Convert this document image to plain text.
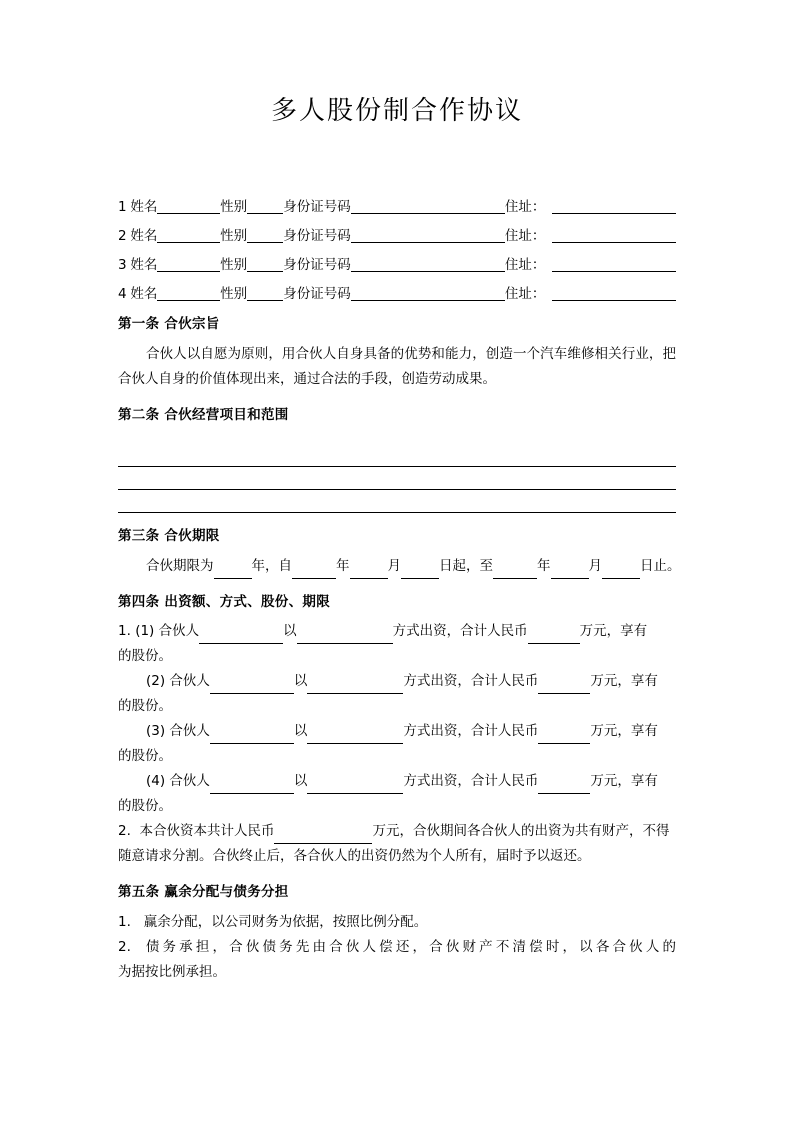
多人股份制合作协议
1 姓名	性别	身份证号码	住址：
2 姓名	性别	身份证号码	住址：
3 姓名	性别	身份证号码	住址：
4 姓名	性别	身份证号码	住址：
第一条 合伙宗旨

合伙人以自愿为原则，用合伙人自身具备的优势和能力，创造一个汽车维修相关行业，把合伙人自身的价值体现出来，通过合法的手段，创造劳动成果。

第二条 合伙经营项目和范围
第三条 合伙期限
合伙期限为	年，自	年	月	日起，至	年	月	日止。
第四条 出资额、方式、股份、期限
1. (1) 合伙人	以	方式出资，合计人民币	万元，享有
的股份。
(2) 合伙人	以	方式出资，合计人民币	万元，享有
的股份。
(3) 合伙人	以	方式出资，合计人民币	万元，享有
的股份。
(4) 合伙人	以	方式出资，合计人民币	万元，享有
的股份。
2. 本合伙资本共计人民币	万元，合伙期间各合伙人的出资为共有财产，不得
随意请求分割。合伙终止后，各合伙人的出资仍然为个人所有，届时予以返还。
第五条 赢余分配与债务分担
1. 赢余分配，以公司财务为依据，按照比例分配。
2. 债务承担，合伙债务先由合伙人偿还，合伙财产不清偿时，以各合伙人的
为据按比例承担。
